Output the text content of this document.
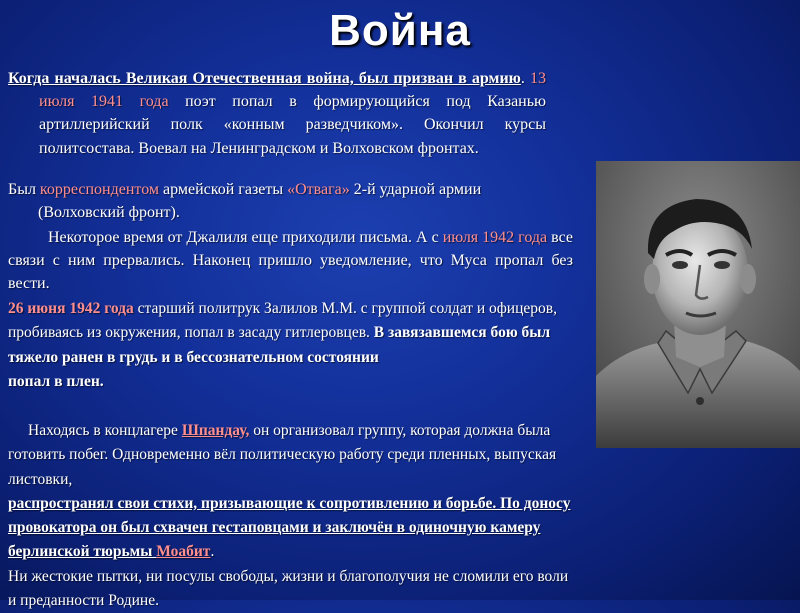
Война

Когда началась Великая Отечественная война, был призван в армию. 13 июля 1941 года поэт попал в формирующийся под Казанью артиллерийский полк «конным разведчиком». Окончил курсы политсостава. Воевал на Ленинградском и Волховском фронтах.

Был корреспондентом армейской газеты «Отвага» 2-й ударной армии (Волховский фронт).

Некоторое время от Джалиля еще приходили письма. А с июля 1942 года все связи с ним прервались. Наконец пришло уведомление, что Муса пропал без вести.

26 июня 1942 года старший политрук Залилов М.М. с группой солдат и офицеров, пробиваясь из окружения, попал в засаду гитлеровцев. В завязавшемся бою был тяжело ранен в грудь и в бессознательном состоянии
попал в плен.

Находясь в концлагере Шпандау, он организовал группу, которая должна была готовить побег. Одновременно вёл политическую работу среди пленных, выпуская листовки,
распространял свои стихи, призывающие к сопротивлению и борьбе. По доносу провокатора он был схвачен гестаповцами и заключён в одиночную камеру берлинской тюрьмы Моабит.
Ни жестокие пытки, ни посулы свободы, жизни и благополучия не сломили его воли и преданности Родине.
